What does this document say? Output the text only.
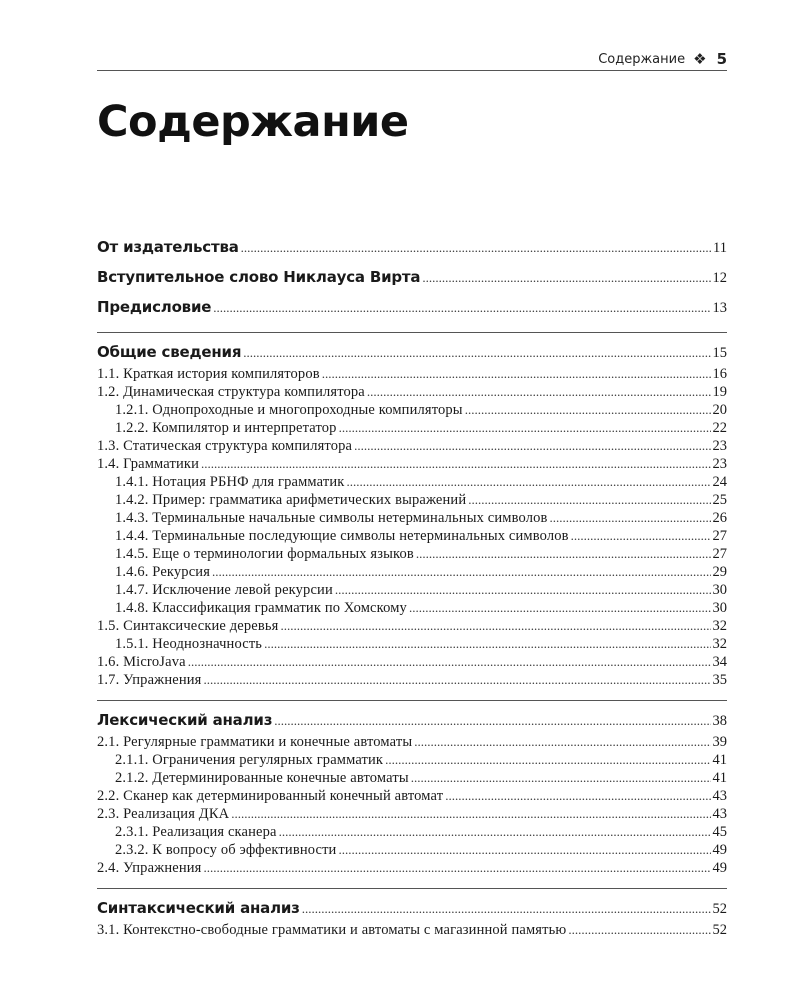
Содержание ❖ 5
Содержание
От издательства .....	11
Вступительное слово Никлауса Вирта .....	12
Предисловие .....	13
Общие сведения .....	15
1.1. Краткая история компиляторов .....	16
1.2. Динамическая структура компилятора .....	19
1.2.1. Однопроходные и многопроходные компиляторы .....	20
1.2.2. Компилятор и интерпретатор .....	22
1.3. Статическая структура компилятора .....	23
1.4. Грамматики .....	23
1.4.1. Нотация РБНФ для грамматик .....	24
1.4.2. Пример: грамматика арифметических выражений .....	25
1.4.3. Терминальные начальные символы нетерминальных символов .....	26
1.4.4. Терминальные последующие символы нетерминальных символов .....	27
1.4.5. Еще о терминологии формальных языков .....	27
1.4.6. Рекурсия .....	29
1.4.7. Исключение левой рекурсии .....	30
1.4.8. Классификация грамматик по Хомскому .....	30
1.5. Синтаксические деревья .....	32
1.5.1. Неоднозначность .....	32
1.6. MicroJava .....	34
1.7. Упражнения .....	35
Лексический анализ .....	38
2.1. Регулярные грамматики и конечные автоматы .....	39
2.1.1. Ограничения регулярных грамматик .....	41
2.1.2. Детерминированные конечные автоматы .....	41
2.2. Сканер как детерминированный конечный автомат .....	43
2.3. Реализация ДКА .....	43
2.3.1. Реализация сканера .....	45
2.3.2. К вопросу об эффективности .....	49
2.4. Упражнения .....	49
Синтаксический анализ .....	52
3.1. Контекстно-свободные грамматики и автоматы с магазинной памятью .....	52
